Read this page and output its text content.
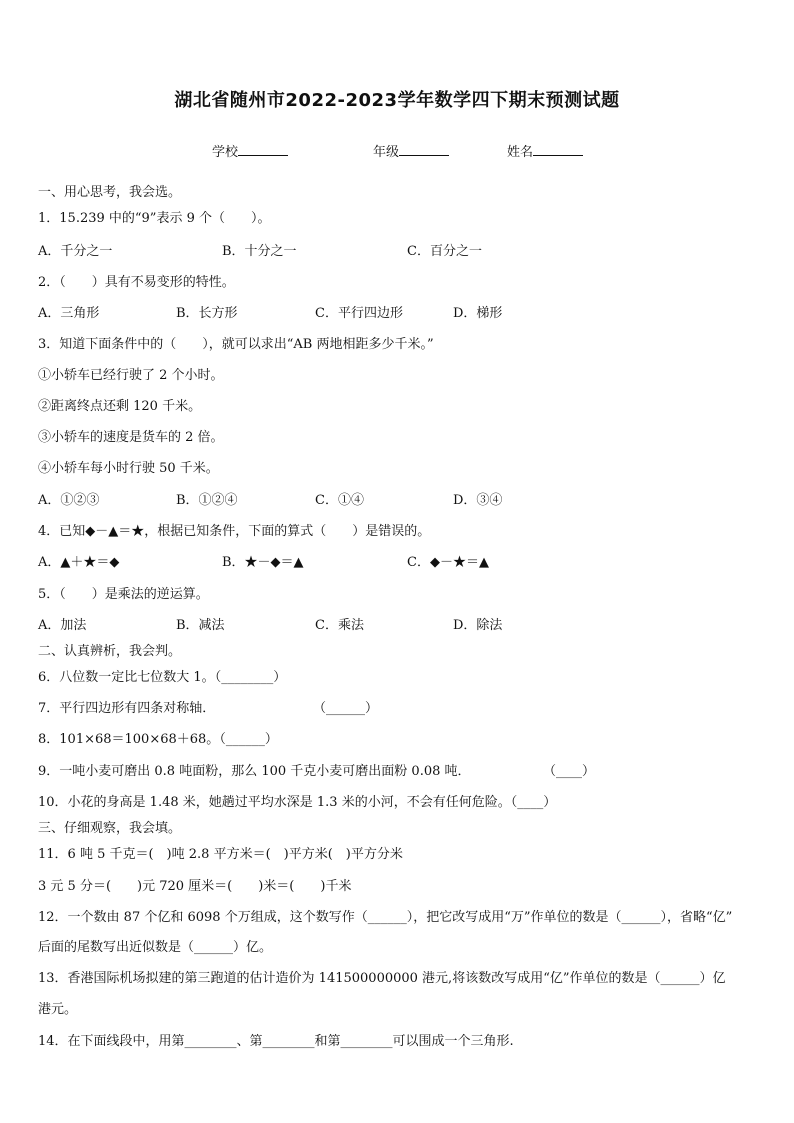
湖北省随州市2022-2023学年数学四下期末预测试题
学校	年级	姓名
一、用心思考，我会选。
1．15.239 中的“9”表示 9 个（　　）。
A．千分之一	B．十分之一	C．百分之一
2．（　　）具有不易变形的特性。
A．三角形	B．长方形	C．平行四边形	D．梯形
3．知道下面条件中的（　　），就可以求出“AB 两地相距多少千米。”
①小轿车已经行驶了 2 个小时。
②距离终点还剩 120 千米。
③小轿车的速度是货车的 2 倍。
④小轿车每小时行驶 50 千米。
A．①②③	B．①②④	C．①④	D．③④
4．已知◆－▲＝★，根据已知条件，下面的算式（　　）是错误的。
A．▲＋★＝◆	B．★－◆＝▲	C．◆－★＝▲
5．（　　）是乘法的逆运算。
A．加法	B．减法	C．乘法	D．除法
二、认真辨析，我会判。
6．八位数一定比七位数大 1。（________）
7．平行四边形有四条对称轴．	（______）
8．101×68＝100×68＋68。（______）
9．一吨小麦可磨出 0.8 吨面粉，那么 100 千克小麦可磨出面粉 0.08 吨．	（____）
10．小花的身高是 1.48 米，她趟过平均水深是 1.3 米的小河，不会有任何危险。（____）
三、仔细观察，我会填。
11．6 吨 5 千克＝(　)吨 2.8 平方米＝(　)平方米(　)平方分米
3 元 5 分＝(　　)元 720 厘米＝(　　)米＝(　　)千米
12．一个数由 87 个亿和 6098 个万组成，这个数写作（______），把它改写成用“万”作单位的数是（______），省略“亿”
后面的尾数写出近似数是（______）亿。
13．香港国际机场拟建的第三跑道的估计造价为 141500000000 港元,将该数改写成用“亿”作单位的数是（______）亿
港元。
14．在下面线段中，用第________、第________和第________可以围成一个三角形.
